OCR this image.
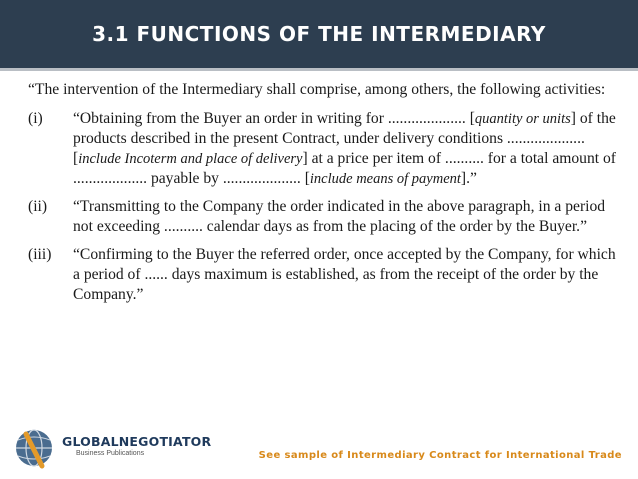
3.1 FUNCTIONS OF THE INTERMEDIARY

“The intervention of the Intermediary shall comprise, among others, the following activities:

(i)	“Obtaining from the Buyer an order in writing for .................... [quantity or units] of the products described in the present Contract, under delivery conditions .................... [include Incoterm and place of delivery] at a price per item of .......... for a total amount of ................... payable by .................... [include means of payment].”
(ii)	“Transmitting to the Company the order indicated in the above paragraph, in a period not exceeding .......... calendar days as from the placing of the order by the Buyer.”
(iii)	“Confirming to the Buyer the referred order, once accepted by the Company, for which a period of ...... days maximum is established, as from the receipt of the order by the Company.”
GLOBALNEGOTIATOR
Business Publications	See sample of Intermediary Contract for International Trade
